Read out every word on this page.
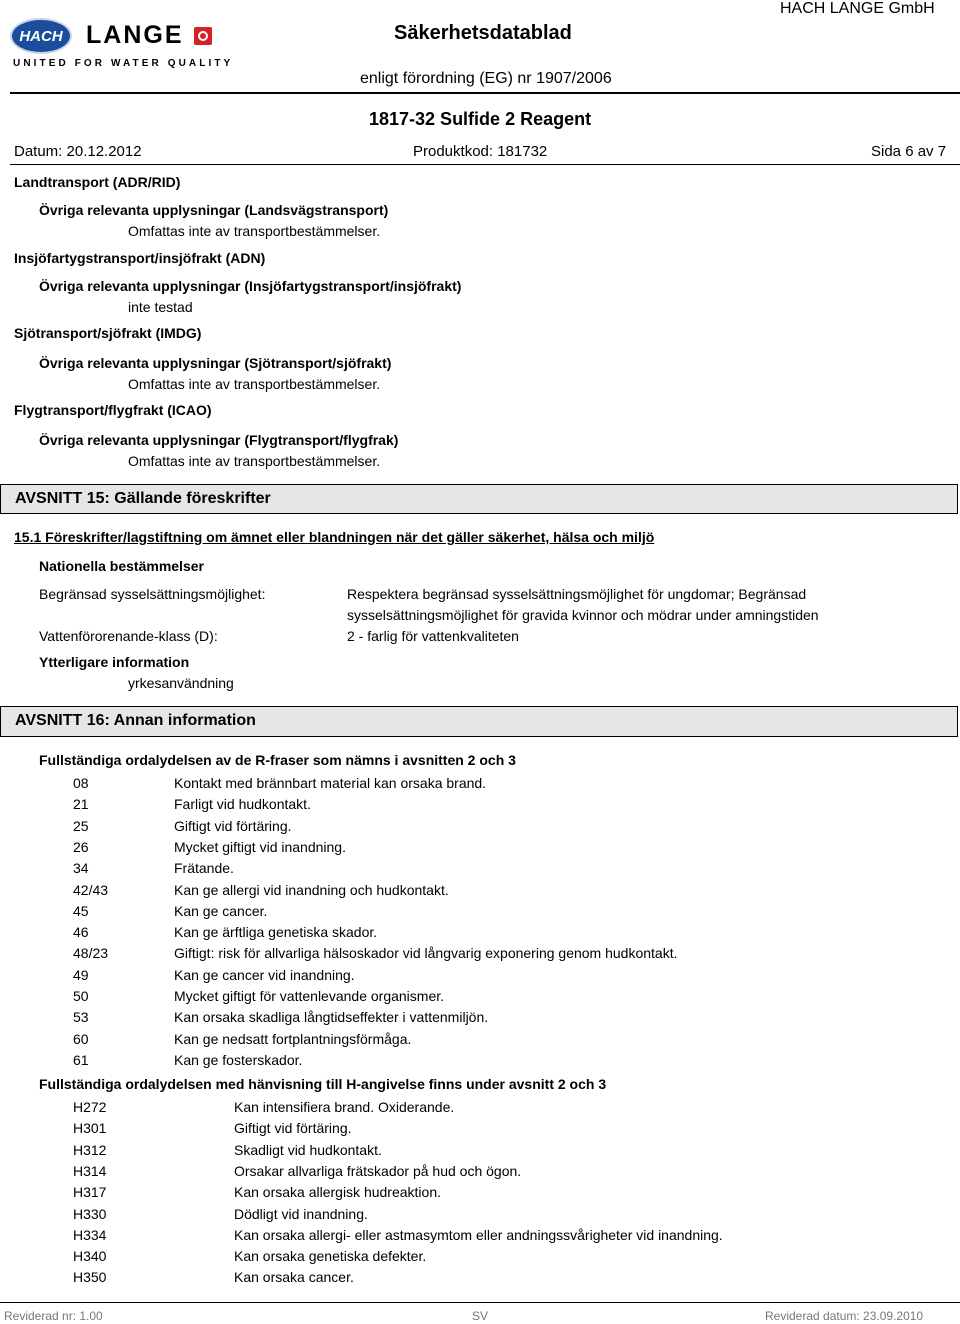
HACH LANGE
UNITED FOR WATER QUALITY
Säkerhetsdatablad
HACH LANGE GmbH
enligt förordning (EG) nr 1907/2006
1817-32 Sulfide 2 Reagent
Datum: 20.12.2012	Produktkod: 181732	Sida 6 av 7
Landtransport (ADR/RID)
Övriga relevanta upplysningar (Landsvägstransport)
Omfattas inte av transportbestämmelser.
Insjöfartygstransport/insjöfrakt (ADN)
Övriga relevanta upplysningar (Insjöfartygstransport/insjöfrakt)
inte testad
Sjötransport/sjöfrakt (IMDG)
Övriga relevanta upplysningar (Sjötransport/sjöfrakt)
Omfattas inte av transportbestämmelser.
Flygtransport/flygfrakt (ICAO)
Övriga relevanta upplysningar (Flygtransport/flygfrak)
Omfattas inte av transportbestämmelser.
AVSNITT 15: Gällande föreskrifter
15.1 Föreskrifter/lagstiftning om ämnet eller blandningen när det gäller säkerhet, hälsa och miljö
Nationella bestämmelser
Begränsad sysselsättningsmöjlighet:	Respektera begränsad sysselsättningsmöjlighet för ungdomar; Begränsad
sysselsättningsmöjlighet för gravida kvinnor och mödrar under amningstiden
Vattenförorenande-klass (D):	2 - farlig för vattenkvaliteten
Ytterligare information
yrkesanvändning
AVSNITT 16: Annan information
Fullständiga ordalydelsen av de R-fraser som nämns i avsnitten 2 och 3
08	Kontakt med brännbart material kan orsaka brand.
21	Farligt vid hudkontakt.
25	Giftigt vid förtäring.
26	Mycket giftigt vid inandning.
34	Frätande.
42/43	Kan ge allergi vid inandning och hudkontakt.
45	Kan ge cancer.
46	Kan ge ärftliga genetiska skador.
48/23	Giftigt: risk för allvarliga hälsoskador vid långvarig exponering genom hudkontakt.
49	Kan ge cancer vid inandning.
50	Mycket giftigt för vattenlevande organismer.
53	Kan orsaka skadliga långtidseffekter i vattenmiljön.
60	Kan ge nedsatt fortplantningsförmåga.
61	Kan ge fosterskador.
Fullständiga ordalydelsen med hänvisning till H-angivelse finns under avsnitt 2 och 3
H272	Kan intensifiera brand. Oxiderande.
H301	Giftigt vid förtäring.
H312	Skadligt vid hudkontakt.
H314	Orsakar allvarliga frätskador på hud och ögon.
H317	Kan orsaka allergisk hudreaktion.
H330	Dödligt vid inandning.
H334	Kan orsaka allergi- eller astmasymtom eller andningssvårigheter vid inandning.
H340	Kan orsaka genetiska defekter.
H350	Kan orsaka cancer.
Reviderad nr: 1.00	SV	Reviderad datum: 23.09.2010
